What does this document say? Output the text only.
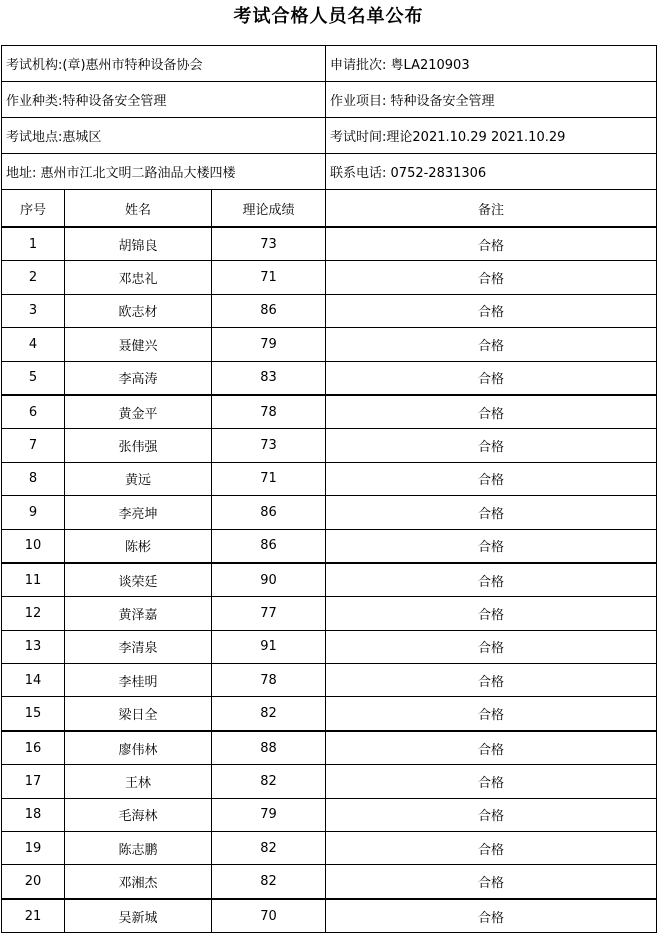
考试合格人员名单公布
考试机构:(章)惠州市特种设备协会			申请批次: 粤LA210903
作业种类:特种设备安全管理			作业项目: 特种设备安全管理
考试地点:惠城区			考试时间:理论2021.10.29 2021.10.29
地址: 惠州市江北文明二路油品大楼四楼			联系电话: 0752-2831306
序号	姓名	理论成绩	备注
1	胡锦良	73	合格
2	邓忠礼	71	合格
3	欧志材	86	合格
4	聂健兴	79	合格
5	李高涛	83	合格
6	黄金平	78	合格
7	张伟强	73	合格
8	黄远	71	合格
9	李亮坤	86	合格
10	陈彬	86	合格
11	谈荣廷	90	合格
12	黄泽嘉	77	合格
13	李清泉	91	合格
14	李桂明	78	合格
15	梁日全	82	合格
16	廖伟林	88	合格
17	王林	82	合格
18	毛海林	79	合格
19	陈志鹏	82	合格
20	邓湘杰	82	合格
21	吴新城	70	合格
